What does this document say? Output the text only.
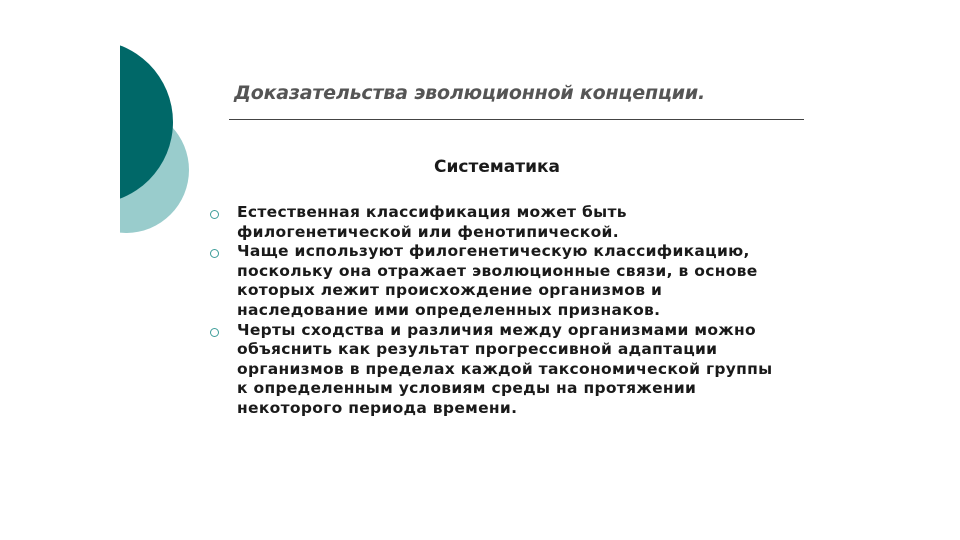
Доказательства эволюционной концепции.
Систематика
Естественная классификация может быть
филогенетической или фенотипической.
Чаще используют филогенетическую классификацию,
поскольку она отражает эволюционные связи, в основе
которых лежит происхождение организмов и
наследование ими определенных признаков.
Черты сходства и различия между организмами можно
объяснить как результат прогрессивной адаптации
организмов в пределах каждой таксономической группы
к определенным условиям среды на протяжении
некоторого периода времени.
